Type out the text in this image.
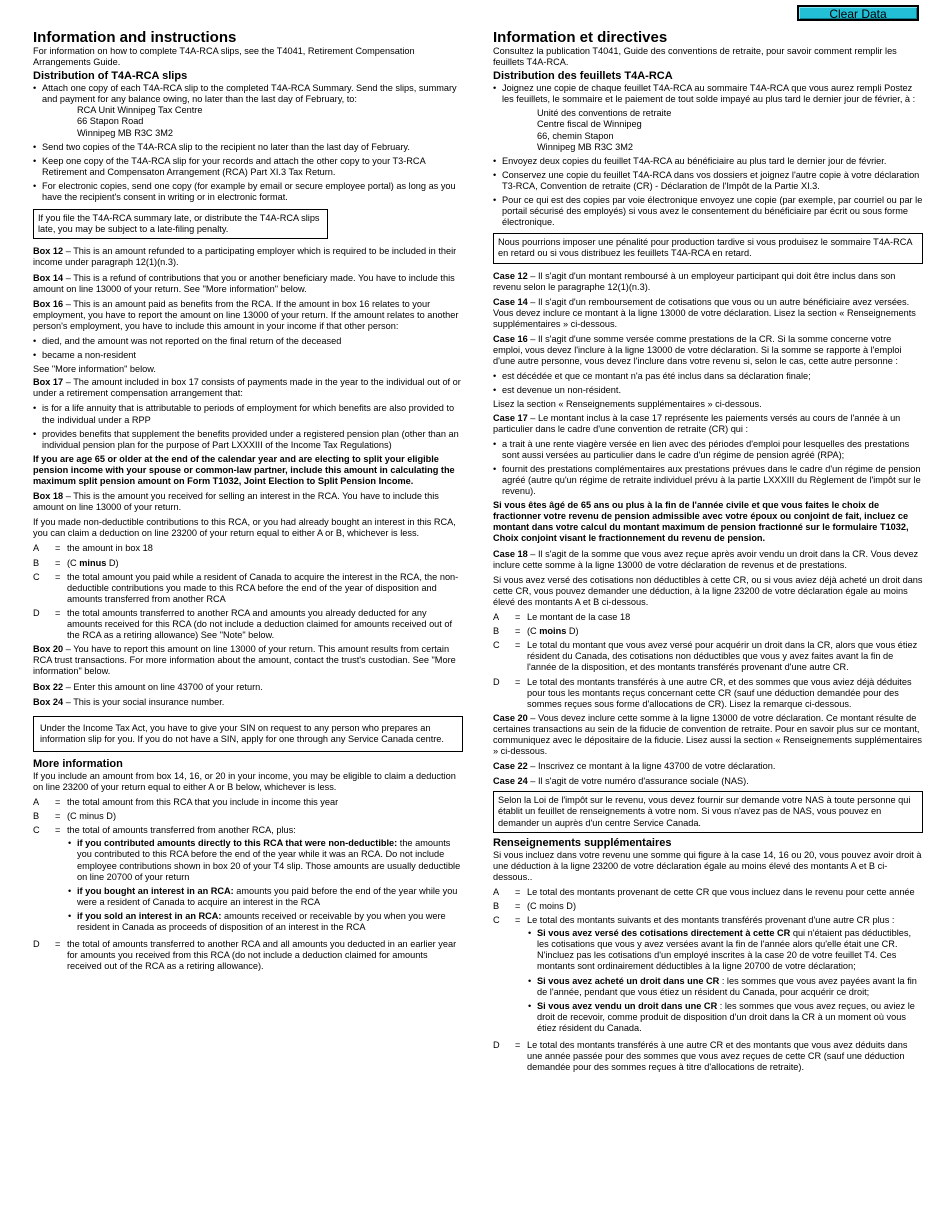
Clear Data
Information and instructions

For information on how to complete T4A-RCA slips, see the T4041, Retirement Compensation Arrangements Guide.

Distribution of T4A-RCA slips
• Attach one copy of each T4A-RCA slip to the completed T4A-RCA Summary. Send the slips, summary and payment for any balance owing, no later than the last day of February, to:
RCA Unit Winnipeg Tax Centre
66 Stapon Road
Winnipeg MB R3C 3M2
• Send two copies of the T4A-RCA slip to the recipient no later than the last day of February.
• Keep one copy of the T4A-RCA slip for your records and attach the other copy to your T3-RCA Retirement and Compensaton Arrangement (RCA) Part XI.3 Tax Return.
• For electronic copies, send one copy (for example by email or secure employee portal) as long as you have the recipient's consent in writing or in electronic format.
If you file the T4A-RCA summary late, or distribute the T4A-RCA slips late, you may be subject to a late-filing penalty.

Box 12 – This is an amount refunded to a participating employer which is required to be included in their income under paragraph 12(1)(n.3).

Box 14 – This is a refund of contributions that you or another beneficiary made. You have to include this amount on line 13000 of your return. See "More information" below.

Box 16 – This is an amount paid as benefits from the RCA. If the amount in box 16 relates to your employment, you have to report the amount on line 13000 of your return. If the amount relates to another person's employment, you have to include this amount in your income if that other person:

• died, and the amount was not reported on the final return of the deceased
• became a non-resident

See "More information" below.

Box 17 – The amount included in box 17 consists of payments made in the year to the individual out of or under a retirement compensation arrangement that:

• is for a life annuity that is attributable to periods of employment for which benefits are also provided to the individual under a RPP
• provides benefits that supplement the benefits provided under a registered pension plan (other than an individual pension plan for the purpose of Part LXXXIII of the Income Tax Regulations)

If you are age 65 or older at the end of the calendar year and are electing to split your eligible pension income with your spouse or common-law partner, include this amount in calculating the maximum split pension amount on Form T1032, Joint Election to Split Pension Income.

Box 18 – This is the amount you received for selling an interest in the RCA. You have to include this amount on line 13000 of your return.

If you made non-deductible contributions to this RCA, or you had already bought an interest in this RCA, you can claim a deduction on line 23200 of your return equal to either A or B, whichever is less.

A	= the amount in box 18
B	= (C minus D)
C	= the total amount you paid while a resident of Canada to acquire the interest in the RCA, the non-deductible contributions you made to this RCA before the end of the year of disposition and amounts transferred from another RCA
D	= the total amounts transferred to another RCA and amounts you already deducted for any amounts received for this RCA (do not include a deduction claimed for amounts received out of the RCA as a retiring allowance) See "Note" below.

Box 20 – You have to report this amount on line 13000 of your return. This amount results from certain RCA trust transactions. For more information about the amount, contact the trust's custodian. See "More information" below.

Box 22 – Enter this amount on line 43700 of your return.

Box 24 – This is your social insurance number.

Under the Income Tax Act, you have to give your SIN on request to any person who prepares an information slip for you. If you do not have a SIN, apply for one through any Service Canada centre.
More information

If you include an amount from box 14, 16, or 20 in your income, you may be eligible to claim a deduction on line 23200 of your return equal to either A or B below, whichever is less.

A	= the total amount from this RCA that you include in income this year
B	= (C minus D)
C	= the total of amounts transferred from another RCA, plus:
• if you contributed amounts directly to this RCA that were non-deductible: the amounts you contributed to this RCA before the end of the year while it was an RCA. Do not include employee contributions shown in box 20 of your T4 slip. Those amounts are usually deductible on line 20700 of your return
• if you bought an interest in an RCA: amounts you paid before the end of the year while you were a resident of Canada to acquire an interest in the RCA
• if you sold an interest in an RCA: amounts received or receivable by you when you were resident in Canada as proceeds of disposition of an interest in the RCA
D	= the total of amounts transferred to another RCA and all amounts you deducted in an earlier year for amounts you received from this RCA (do not include a deduction claimed for amounts received out of the RCA as a retiring allowance).
Information et directives

Consultez la publication T4041, Guide des conventions de retraite, pour savoir comment remplir les feuillets T4A-RCA.

Distribution des feuillets T4A-RCA
• Joignez une copie de chaque feuillet T4A-RCA au sommaire T4A-RCA que vous aurez rempli Postez les feuillets, le sommaire et le paiement de tout solde impayé au plus tard le dernier jour de février, à :
Unité des conventions de retraite
Centre fiscal de Winnipeg
66, chemin Stapon
Winnipeg MB R3C 3M2
• Envoyez deux copies du feuillet T4A-RCA au bénéficiaire au plus tard le dernier jour de février.
• Conservez une copie du feuillet T4A-RCA dans vos dossiers et joignez l'autre copie à votre déclaration T3-RCA, Convention de retraite (CR) - Déclaration de l'Impôt de la Partie XI.3.
• Pour ce qui est des copies par voie électronique envoyez une copie (par exemple, par courriel ou par le portail sécurisé des employés) si vous avez le consentement du bénéficiaire par écrit ou sous forme électronique.
Nous pourrions imposer une pénalité pour production tardive si vous produisez le sommaire T4A-RCA en retard ou si vous distribuez les feuillets T4A-RCA en retard.

Case 12 – Il s'agit d'un montant remboursé à un employeur participant qui doit être inclus dans son revenu selon le paragraphe 12(1)(n.3).

Case 14 – Il s'agit d'un remboursement de cotisations que vous ou un autre bénéficiaire avez versées. Vous devez inclure ce montant à la ligne 13000 de votre déclaration. Lisez la section « Renseignements supplémentaires » ci-dessous.

Case 16 – Il s'agit d'une somme versée comme prestations de la CR. Si la somme concerne votre emploi, vous devez l'inclure à la ligne 13000 de votre déclaration. Si la somme se rapporte à l'emploi d'une autre personne, vous devez l'inclure dans votre revenu si, selon le cas, cette autre personne :

• est décédée et que ce montant n'a pas été inclus dans sa déclaration finale;
• est devenue un non-résident.

Lisez la section « Renseignements supplémentaires » ci-dessous.

Case 17 – Le montant inclus à la case 17 représente les paiements versés au cours de l'année à un particulier dans le cadre d'une convention de retraite (CR) qui :

• a trait à une rente viagère versée en lien avec des périodes d'emploi pour lesquelles des prestations sont aussi versées au particulier dans le cadre d'un régime de pension agréé (RPA);
• fournit des prestations complémentaires aux prestations prévues dans le cadre d'un régime de pension agréé (autre qu'un régime de retraite individuel prévu à la partie LXXXIII du Règlement de l'impôt sur le revenu).

Si vous êtes âgé de 65 ans ou plus à la fin de l'année civile et que vous faites le choix de fractionner votre revenu de pension admissible avec votre époux ou conjoint de fait, incluez ce montant dans votre calcul du montant maximum de pension fractionné sur le formulaire T1032, Choix conjoint visant le fractionnement du revenu de pension.

Case 18 – Il s'agit de la somme que vous avez reçue après avoir vendu un droit dans la CR. Vous devez inclure cette somme à la ligne 13000 de votre déclaration de revenus et de prestations.

Si vous avez versé des cotisations non déductibles à cette CR, ou si vous aviez déjà acheté un droit dans cette CR, vous pouvez demander une déduction, à la ligne 23200 de votre déclaration égale au moins élevé des montants A et B ci-dessous.

A	= Le montant de la case 18
B	= (C moins D)
C	= Le total du montant que vous avez versé pour acquérir un droit dans la CR, alors que vous étiez résident du Canada, des cotisations non déductibles que vous y avez faites avant la fin de l'année de la disposition, et des montants transférés provenant d'une autre CR.
D	= Le total des montants transférés à une autre CR, et des sommes que vous aviez déjà déduites pour tous les montants reçus concernant cette CR (sauf une déduction demandée pour des sommes reçues sous forme d'allocations de CR). Lisez la remarque ci-dessous.

Case 20 – Vous devez inclure cette somme à la ligne 13000 de votre déclaration. Ce montant résulte de certaines transactions au sein de la fiducie de convention de retraite. Pour en savoir plus sur ce montant, communiquez avec le dépositaire de la fiducie. Lisez aussi la section « Renseignements supplémentaires » ci-dessous.

Case 22 – Inscrivez ce montant à la ligne 43700 de votre déclaration.

Case 24 – Il s'agit de votre numéro d'assurance sociale (NAS).

Selon la Loi de l'impôt sur le revenu, vous devez fournir sur demande votre NAS à toute personne qui établit un feuillet de renseignements à votre nom. Si vous n'avez pas de NAS, vous pouvez en demander un auprès d'un centre Service Canada.
Renseignements supplémentaires

Si vous incluez dans votre revenu une somme qui figure à la case 14, 16 ou 20, vous pouvez avoir droit à une déduction à la ligne 23200 de votre déclaration égale au moins élevé des montants A et B ci-dessous..

A	= Le total des montants provenant de cette CR que vous incluez dans le revenu pour cette année
B	= (C moins D)
C	= Le total des montants suivants et des montants transférés provenant d'une autre CR plus :
• Si vous avez versé des cotisations directement à cette CR qui n'étaient pas déductibles, les cotisations que vous y avez versées avant la fin de l'année alors qu'elle était une CR. N'incluez pas les cotisations d'un employé inscrites à la case 20 de votre feuillet T4. Ces montants sont ordinairement déductibles à la ligne 20700 de votre déclaration;
• Si vous avez acheté un droit dans une CR : les sommes que vous avez payées avant la fin de l'année, pendant que vous étiez un résident du Canada, pour acquérir ce droit;
• Si vous avez vendu un droit dans une CR : les sommes que vous avez reçues, ou aviez le droit de recevoir, comme produit de disposition d'un droit dans la CR à un moment où vous étiez résident du Canada.
D	= Le total des montants transférés à une autre CR et des montants que vous avez déduits dans une année passée pour des sommes que vous avez reçues de cette CR (sauf une déduction demandée pour des sommes reçues à titre d'allocations de retraite).
